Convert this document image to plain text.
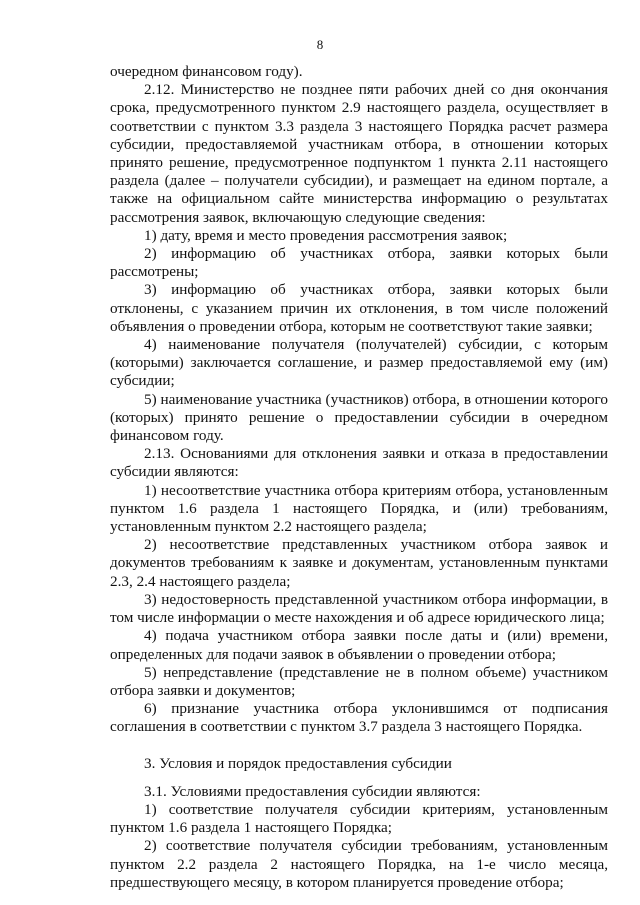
8

очередном финансовом году).

2.12. Министерство не позднее пяти рабочих дней со дня окончания срока, предусмотренного пунктом 2.9 настоящего раздела, осуществляет в соответствии с пунктом 3.3 раздела 3 настоящего Порядка расчет размера субсидии, предоставляемой участникам отбора, в отношении которых принято решение, предусмотренное подпунктом 1 пункта 2.11 настоящего раздела (далее – получатели субсидии), и размещает на едином портале, а также на официальном сайте министерства информацию о результатах рассмотрения заявок, включающую следующие сведения:

1) дату, время и место проведения рассмотрения заявок;

2) информацию об участниках отбора, заявки которых были рассмотрены;

3) информацию об участниках отбора, заявки которых были отклонены, с указанием причин их отклонения, в том числе положений объявления о проведении отбора, которым не соответствуют такие заявки;

4) наименование получателя (получателей) субсидии, с которым (которыми) заключается соглашение, и размер предоставляемой ему (им) субсидии;

5) наименование участника (участников) отбора, в отношении которого (которых) принято решение о предоставлении субсидии в очередном финансовом году.

2.13. Основаниями для отклонения заявки и отказа в предоставлении субсидии являются:

1) несоответствие участника отбора критериям отбора, установленным пунктом 1.6 раздела 1 настоящего Порядка, и (или) требованиям, установленным пунктом 2.2 настоящего раздела;

2) несоответствие представленных участником отбора заявок и документов требованиям к заявке и документам, установленным пунктами 2.3, 2.4 настоящего раздела;

3) недостоверность представленной участником отбора информации, в том числе информации о месте нахождения и об адресе юридического лица;

4) подача участником отбора заявки после даты и (или) времени, определенных для подачи заявок в объявлении о проведении отбора;

5) непредставление (представление не в полном объеме) участником отбора заявки и документов;

6) признание участника отбора уклонившимся от подписания соглашения в соответствии с пунктом 3.7 раздела 3 настоящего Порядка.

3. Условия и порядок предоставления субсидии

3.1. Условиями предоставления субсидии являются:

1) соответствие получателя субсидии критериям, установленным пунктом 1.6 раздела 1 настоящего Порядка;

2) соответствие получателя субсидии требованиям, установленным пунктом 2.2 раздела 2 настоящего Порядка, на 1-е число месяца, предшествующего месяцу, в котором планируется проведение отбора;
